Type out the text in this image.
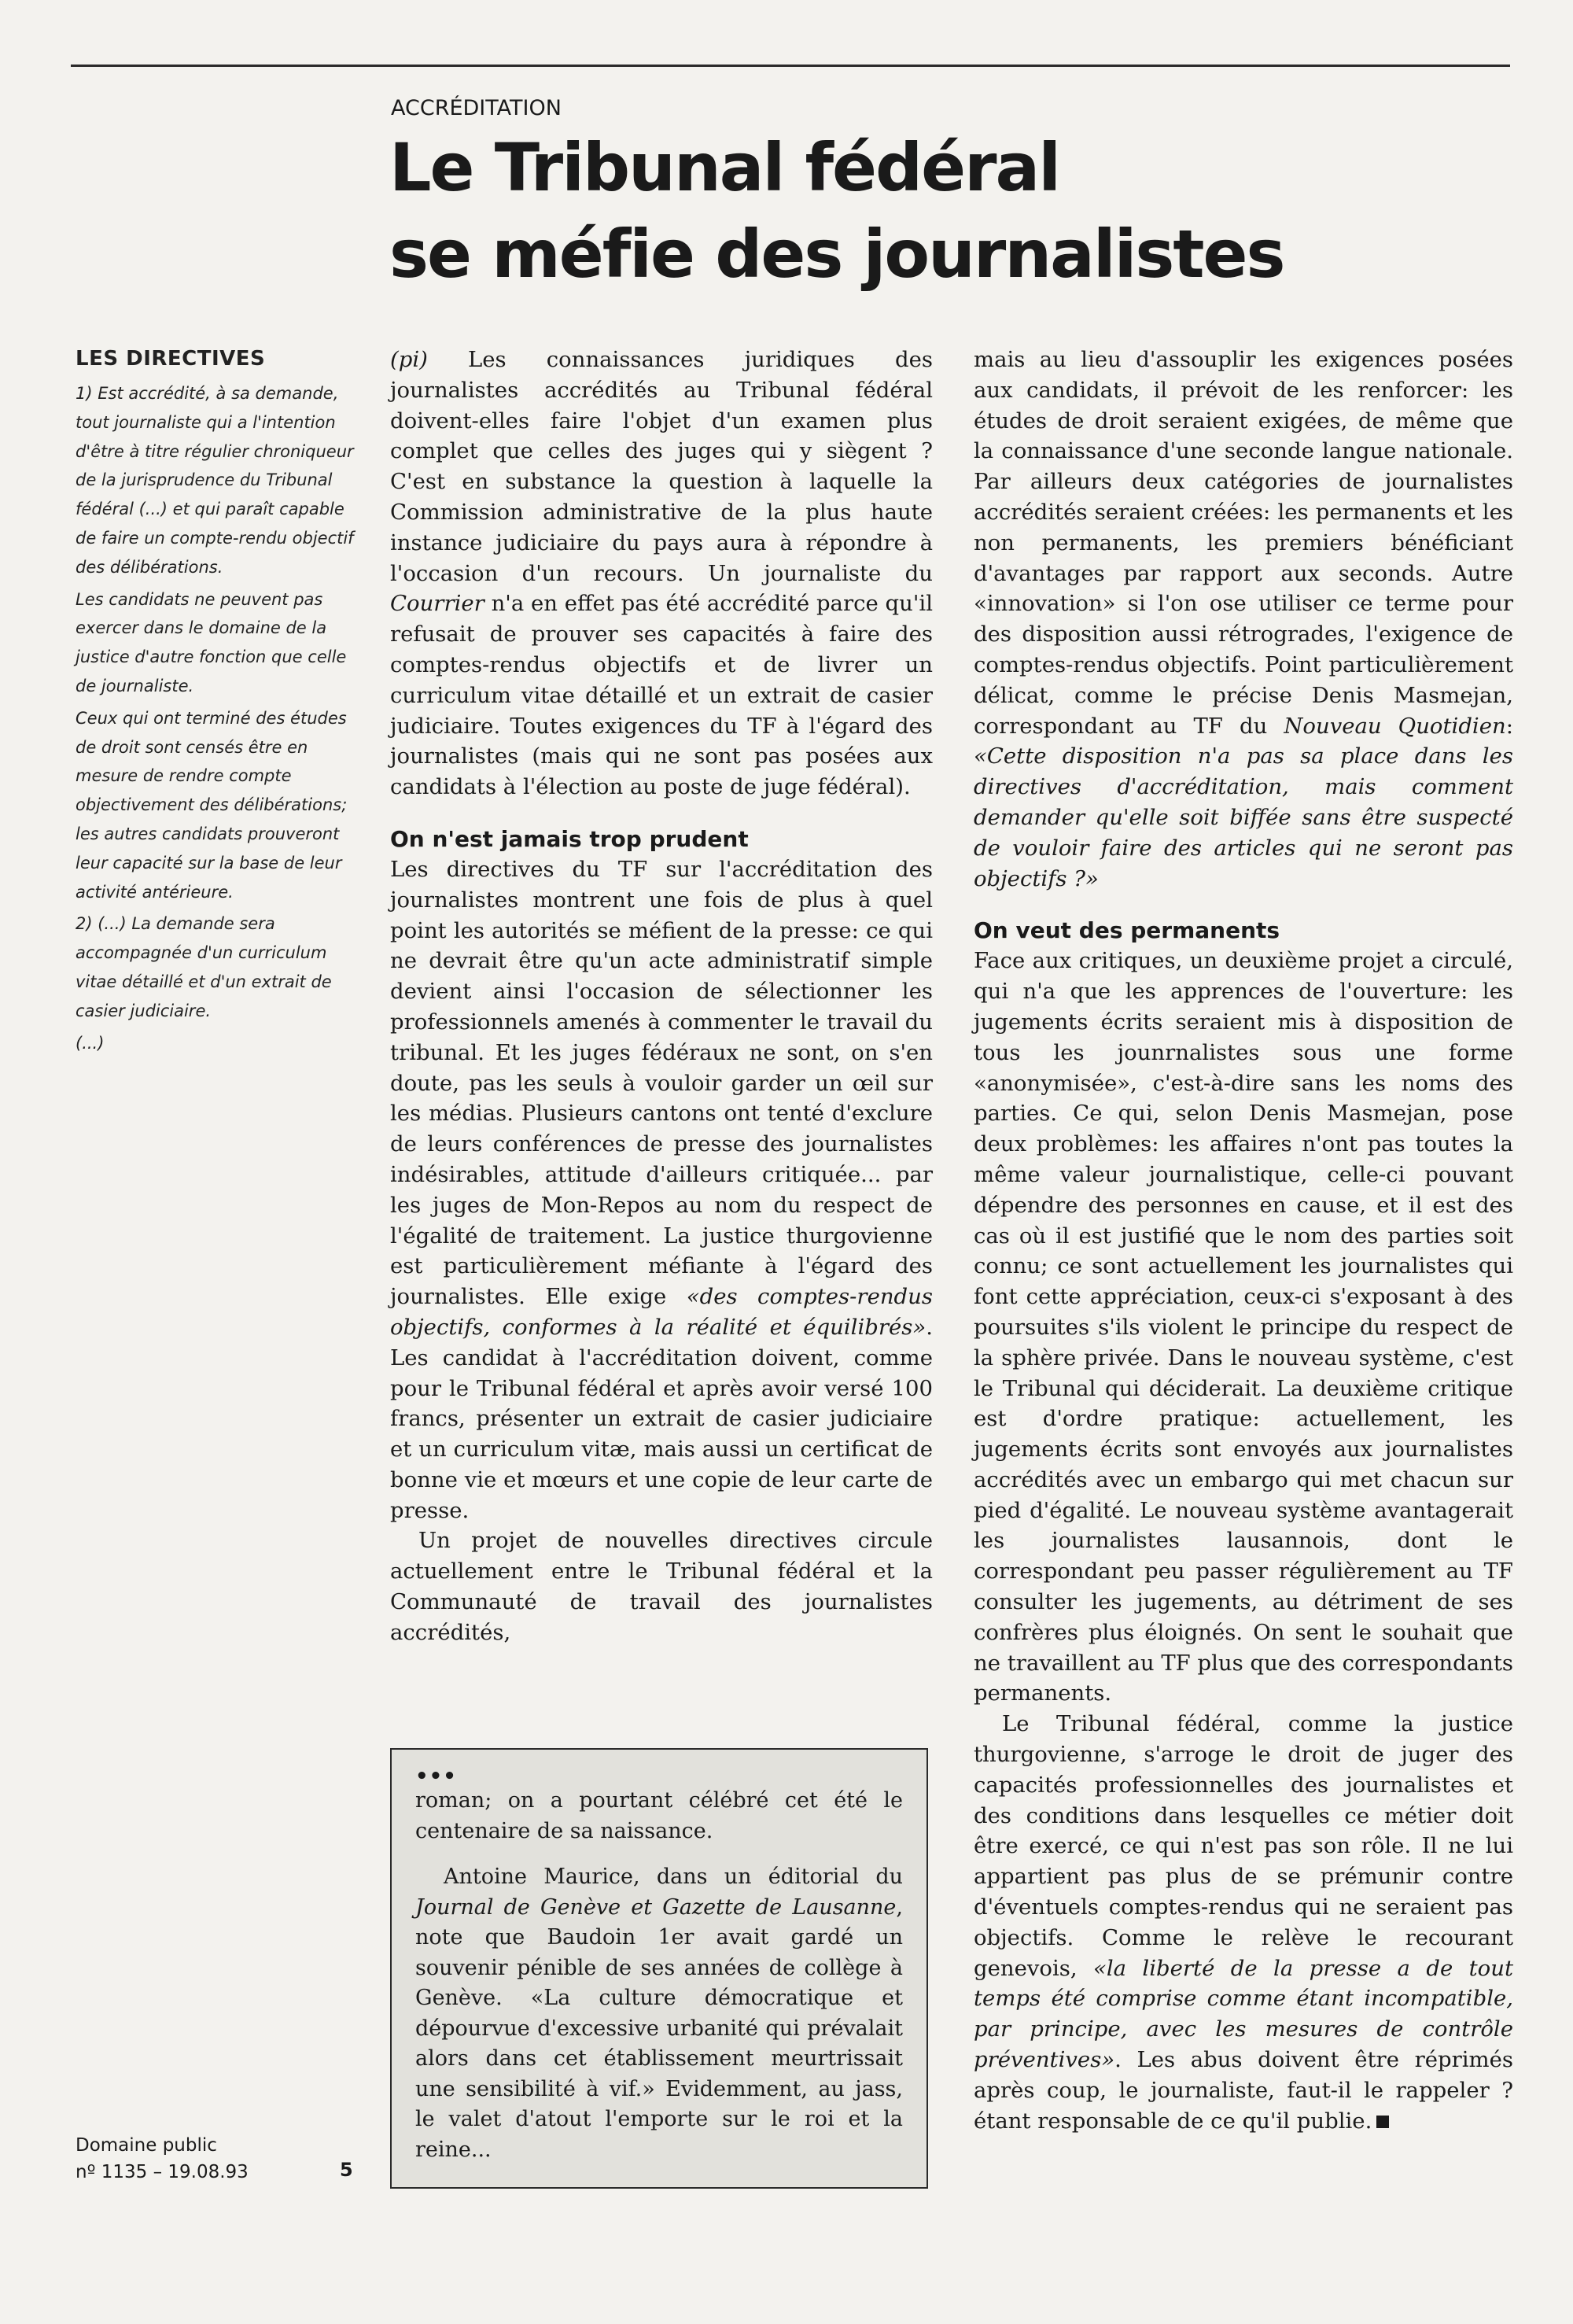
ACCRÉDITATION
Le Tribunal fédéral
se méfie des journalistes
LES DIRECTIVES

1) Est accrédité, à sa demande, tout journaliste qui a l'intention d'être à titre régulier chroniqueur de la jurisprudence du Tribunal fédéral (...) et qui paraît capable de faire un compte-rendu objectif des délibérations.

Les candidats ne peuvent pas exercer dans le domaine de la justice d'autre fonction que celle de journaliste.

Ceux qui ont terminé des études de droit sont censés être en mesure de rendre compte objectivement des délibérations; les autres candidats prouveront leur capacité sur la base de leur activité antérieure.

2) (...) La demande sera accompagnée d'un curriculum vitae détaillé et d'un extrait de casier judiciaire.

(...)

(pi) Les connaissances juridiques des journalistes accrédités au Tribunal fédéral doivent-elles faire l'objet d'un examen plus complet que celles des juges qui y siègent ? C'est en substance la question à laquelle la Commission administrative de la plus haute instance judiciaire du pays aura à répondre à l'occasion d'un recours. Un journaliste du Courrier n'a en effet pas été accrédité parce qu'il refusait de prouver ses capacités à faire des comptes-rendus objectifs et de livrer un curriculum vitae détaillé et un extrait de casier judiciaire. Toutes exigences du TF à l'égard des journalistes (mais qui ne sont pas posées aux candidats à l'élection au poste de juge fédéral).

On n'est jamais trop prudent

Les directives du TF sur l'accréditation des journalistes montrent une fois de plus à quel point les autorités se méfient de la presse: ce qui ne devrait être qu'un acte administratif simple devient ainsi l'occasion de sélectionner les professionnels amenés à commenter le travail du tribunal. Et les juges fédéraux ne sont, on s'en doute, pas les seuls à vouloir garder un œil sur les médias. Plusieurs cantons ont tenté d'exclure de leurs conférences de presse des journalistes indésirables, attitude d'ailleurs critiquée... par les juges de Mon-Repos au nom du respect de l'égalité de traitement. La justice thurgovienne est particulièrement méfiante à l'égard des journalistes. Elle exige «des comptes-rendus objectifs, conformes à la réalité et équilibrés». Les candidat à l'accréditation doivent, comme pour le Tribunal fédéral et après avoir versé 100 francs, présenter un extrait de casier judiciaire et un curriculum vitæ, mais aussi un certificat de bonne vie et mœurs et une copie de leur carte de presse.

Un projet de nouvelles directives circule actuellement entre le Tribunal fédéral et la Communauté de travail des journalistes accrédités,

•••

roman; on a pourtant célébré cet été le centenaire de sa naissance.

Antoine Maurice, dans un éditorial du Journal de Genève et Gazette de Lausanne, note que Baudoin 1er avait gardé un souvenir pénible de ses années de collège à Genève. «La culture démocratique et dépourvue d'excessive urbanité qui prévalait alors dans cet établissement meurtrissait une sensibilité à vif.» Evidemment, au jass, le valet d'atout l'emporte sur le roi et la reine...

mais au lieu d'assouplir les exigences posées aux candidats, il prévoit de les renforcer: les études de droit seraient exigées, de même que la connaissance d'une seconde langue nationale. Par ailleurs deux catégories de journalistes accrédités seraient créées: les permanents et les non permanents, les premiers bénéficiant d'avantages par rapport aux seconds. Autre «innovation» si l'on ose utiliser ce terme pour des disposition aussi rétrogrades, l'exigence de comptes-rendus objectifs. Point particulièrement délicat, comme le précise Denis Masmejan, correspondant au TF du Nouveau Quotidien: «Cette disposition n'a pas sa place dans les directives d'accréditation, mais comment demander qu'elle soit biffée sans être suspecté de vouloir faire des articles qui ne seront pas objectifs ?»

On veut des permanents

Face aux critiques, un deuxième projet a circulé, qui n'a que les apprences de l'ouverture: les jugements écrits seraient mis à disposition de tous les jounrnalistes sous une forme «anonymisée», c'est-à-dire sans les noms des parties. Ce qui, selon Denis Masmejan, pose deux problèmes: les affaires n'ont pas toutes la même valeur journalistique, celle-ci pouvant dépendre des personnes en cause, et il est des cas où il est justifié que le nom des parties soit connu; ce sont actuellement les journalistes qui font cette appréciation, ceux-ci s'exposant à des poursuites s'ils violent le principe du respect de la sphère privée. Dans le nouveau système, c'est le Tribunal qui déciderait. La deuxième critique est d'ordre pratique: actuellement, les jugements écrits sont envoyés aux journalistes accrédités avec un embargo qui met chacun sur pied d'égalité. Le nouveau système avantagerait les journalistes lausannois, dont le correspondant peu passer régulièrement au TF consulter les jugements, au détriment de ses confrères plus éloignés. On sent le souhait que ne travaillent au TF plus que des correspondants permanents.

Le Tribunal fédéral, comme la justice thurgovienne, s'arroge le droit de juger des capacités professionnelles des journalistes et des conditions dans lesquelles ce métier doit être exercé, ce qui n'est pas son rôle. Il ne lui appartient pas plus de se prémunir contre d'éventuels comptes-rendus qui ne seraient pas objectifs. Comme le relève le recourant genevois, «la liberté de la presse a de tout temps été comprise comme étant incompatible, par principe, avec les mesures de contrôle préventives». Les abus doivent être réprimés après coup, le journaliste, faut-il le rappeler ? étant responsable de ce qu'il publie.

Domaine public
nº 1135 – 19.08.93	5
